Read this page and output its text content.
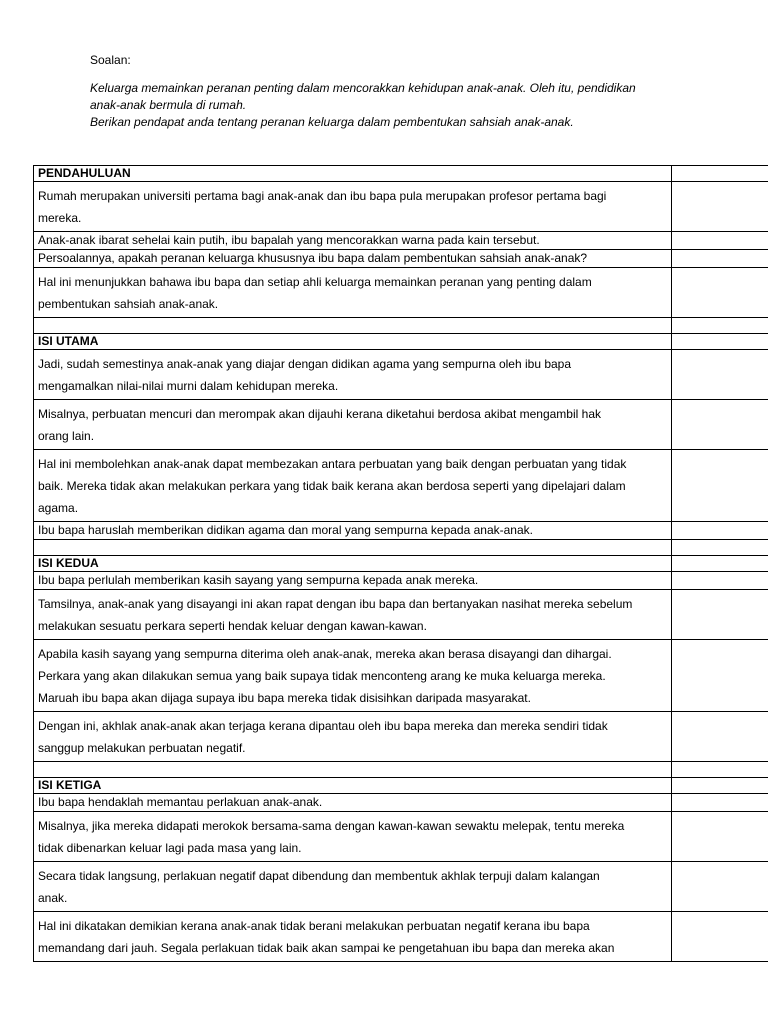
Soalan:

Keluarga memainkan peranan penting dalam mencorakkan kehidupan anak-anak. Oleh itu, pendidikan

anak-anak bermula di rumah.

Berikan pendapat anda tentang peranan keluarga dalam pembentukan sahsiah anak-anak.

PENDAHULUAN	

Rumah merupakan universiti pertama bagi anak-anak dan ibu bapa pula merupakan profesor pertama bagi
mereka.	

Anak-anak ibarat sehelai kain putih, ibu bapalah yang mencorakkan warna pada kain tersebut.	

Persoalannya, apakah peranan keluarga khususnya ibu bapa dalam pembentukan sahsiah anak-anak?	

Hal ini menunjukkan bahawa ibu bapa dan setiap ahli keluarga memainkan peranan yang penting dalam
pembentukan sahsiah anak-anak.	

ISI UTAMA	

Jadi, sudah semestinya anak-anak yang diajar dengan didikan agama yang sempurna oleh ibu bapa
mengamalkan nilai-nilai murni dalam kehidupan mereka.	

Misalnya, perbuatan mencuri dan merompak akan dijauhi kerana diketahui berdosa akibat mengambil hak
orang lain.	

Hal ini membolehkan anak-anak dapat membezakan antara perbuatan yang baik dengan perbuatan yang tidak
baik. Mereka tidak akan melakukan perkara yang tidak baik kerana akan berdosa seperti yang dipelajari dalam
agama.	

Ibu bapa haruslah memberikan didikan agama dan moral yang sempurna kepada anak-anak.	

ISI KEDUA	

Ibu bapa perlulah memberikan kasih sayang yang sempurna kepada anak mereka.	

Tamsilnya, anak-anak yang disayangi ini akan rapat dengan ibu bapa dan bertanyakan nasihat mereka sebelum
melakukan sesuatu perkara seperti hendak keluar dengan kawan-kawan.	

Apabila kasih sayang yang sempurna diterima oleh anak-anak, mereka akan berasa disayangi dan dihargai.
Perkara yang akan dilakukan semua yang baik supaya tidak menconteng arang ke muka keluarga mereka.
Maruah ibu bapa akan dijaga supaya ibu bapa mereka tidak disisihkan daripada masyarakat.	

Dengan ini, akhlak anak-anak akan terjaga kerana dipantau oleh ibu bapa mereka dan mereka sendiri tidak
sanggup melakukan perbuatan negatif.	

ISI KETIGA	

Ibu bapa hendaklah memantau perlakuan anak-anak.	

Misalnya, jika mereka didapati merokok bersama-sama dengan kawan-kawan sewaktu melepak, tentu mereka
tidak dibenarkan keluar lagi pada masa yang lain.	

Secara tidak langsung, perlakuan negatif dapat dibendung dan membentuk akhlak terpuji dalam kalangan
anak.	

Hal ini dikatakan demikian kerana anak-anak tidak berani melakukan perbuatan negatif kerana ibu bapa
memandang dari jauh. Segala perlakuan tidak baik akan sampai ke pengetahuan ibu bapa dan mereka akan	
